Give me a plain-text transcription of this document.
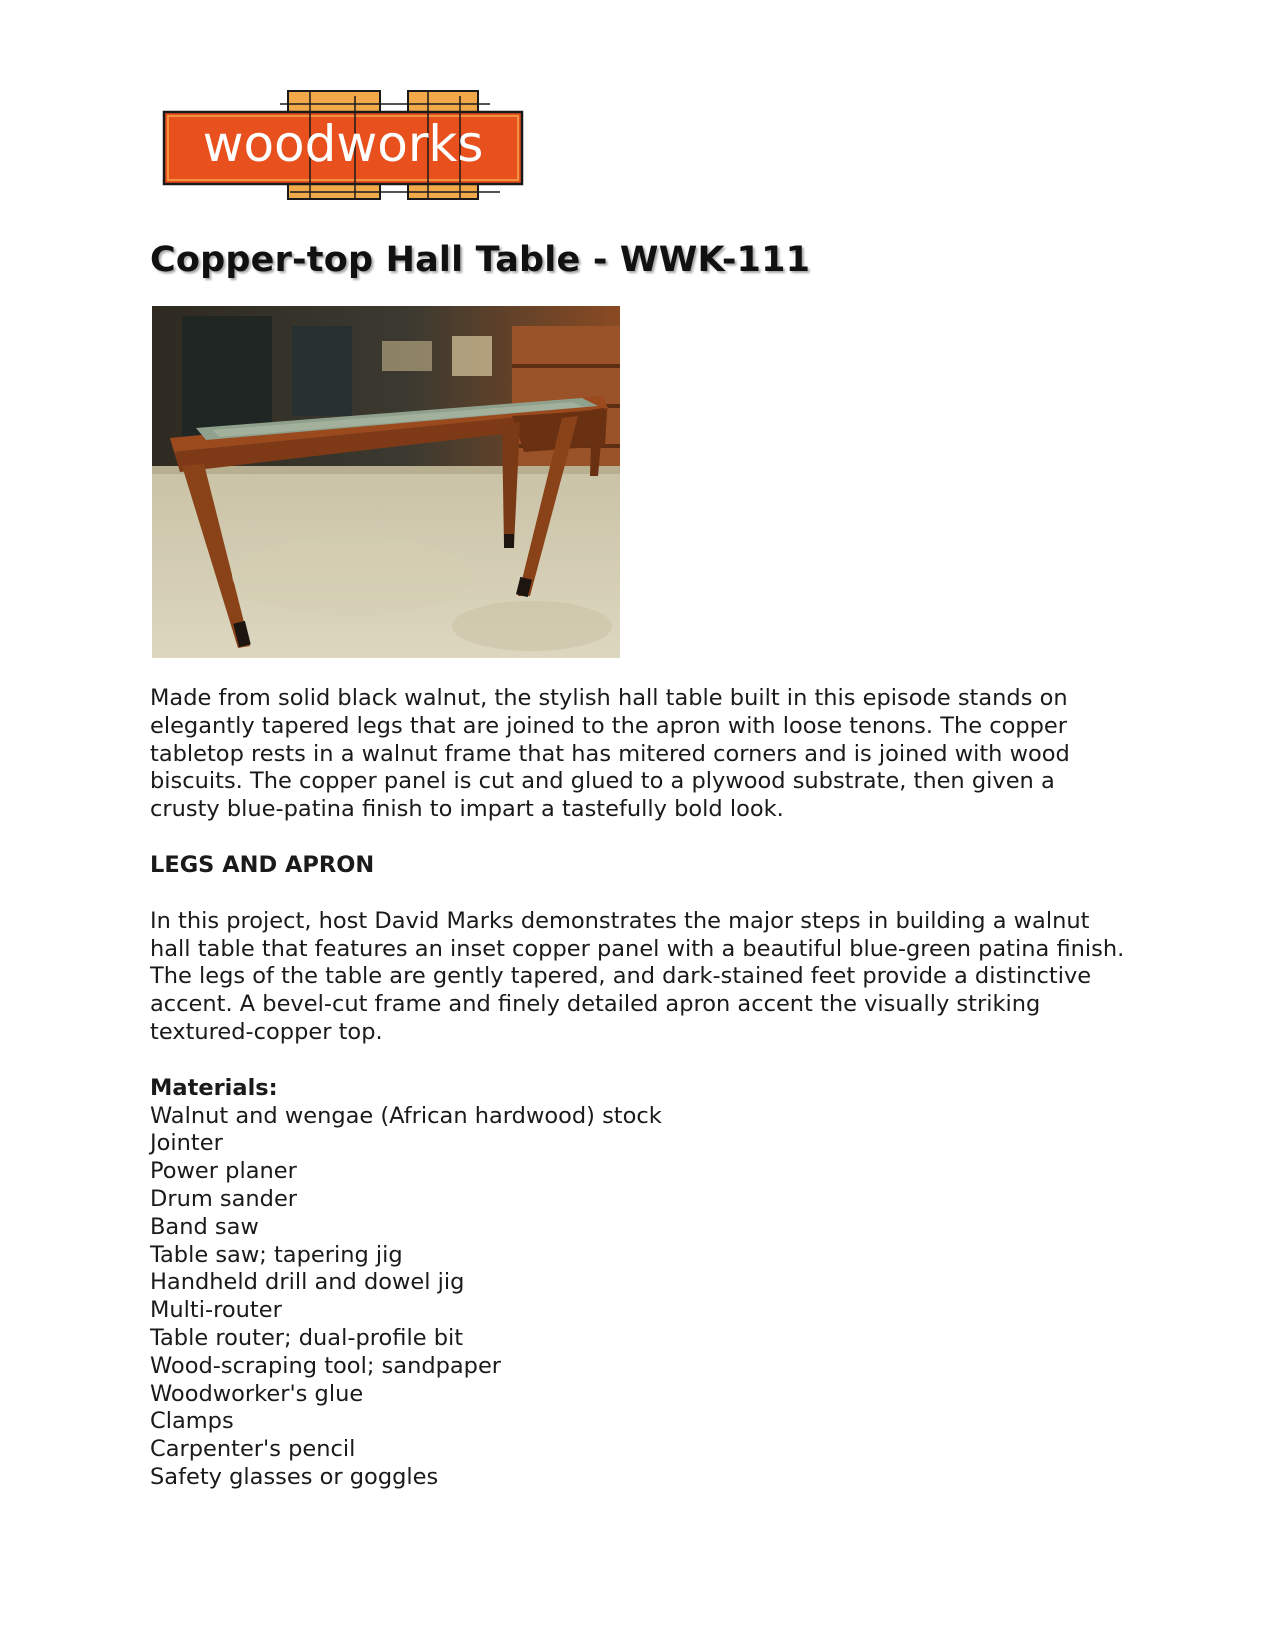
woodworks
Copper-top Hall Table - WWK-111

Made from solid black walnut, the stylish hall table built in this episode stands on elegantly tapered legs that are joined to the apron with loose tenons. The copper tabletop rests in a walnut frame that has mitered corners and is joined with wood biscuits. The copper panel is cut and glued to a plywood substrate, then given a crusty blue-patina finish to impart a tastefully bold look.

LEGS AND APRON

In this project, host David Marks demonstrates the major steps in building a walnut hall table that features an inset copper panel with a beautiful blue-green patina finish. The legs of the table are gently tapered, and dark-stained feet provide a distinctive accent. A bevel-cut frame and finely detailed apron accent the visually striking textured-copper top.

Materials:

Walnut and wengae (African hardwood) stock
Jointer
Power planer
Drum sander
Band saw
Table saw; tapering jig
Handheld drill and dowel jig
Multi-router
Table router; dual-profile bit
Wood-scraping tool; sandpaper
Woodworker's glue
Clamps
Carpenter's pencil
Safety glasses or goggles
